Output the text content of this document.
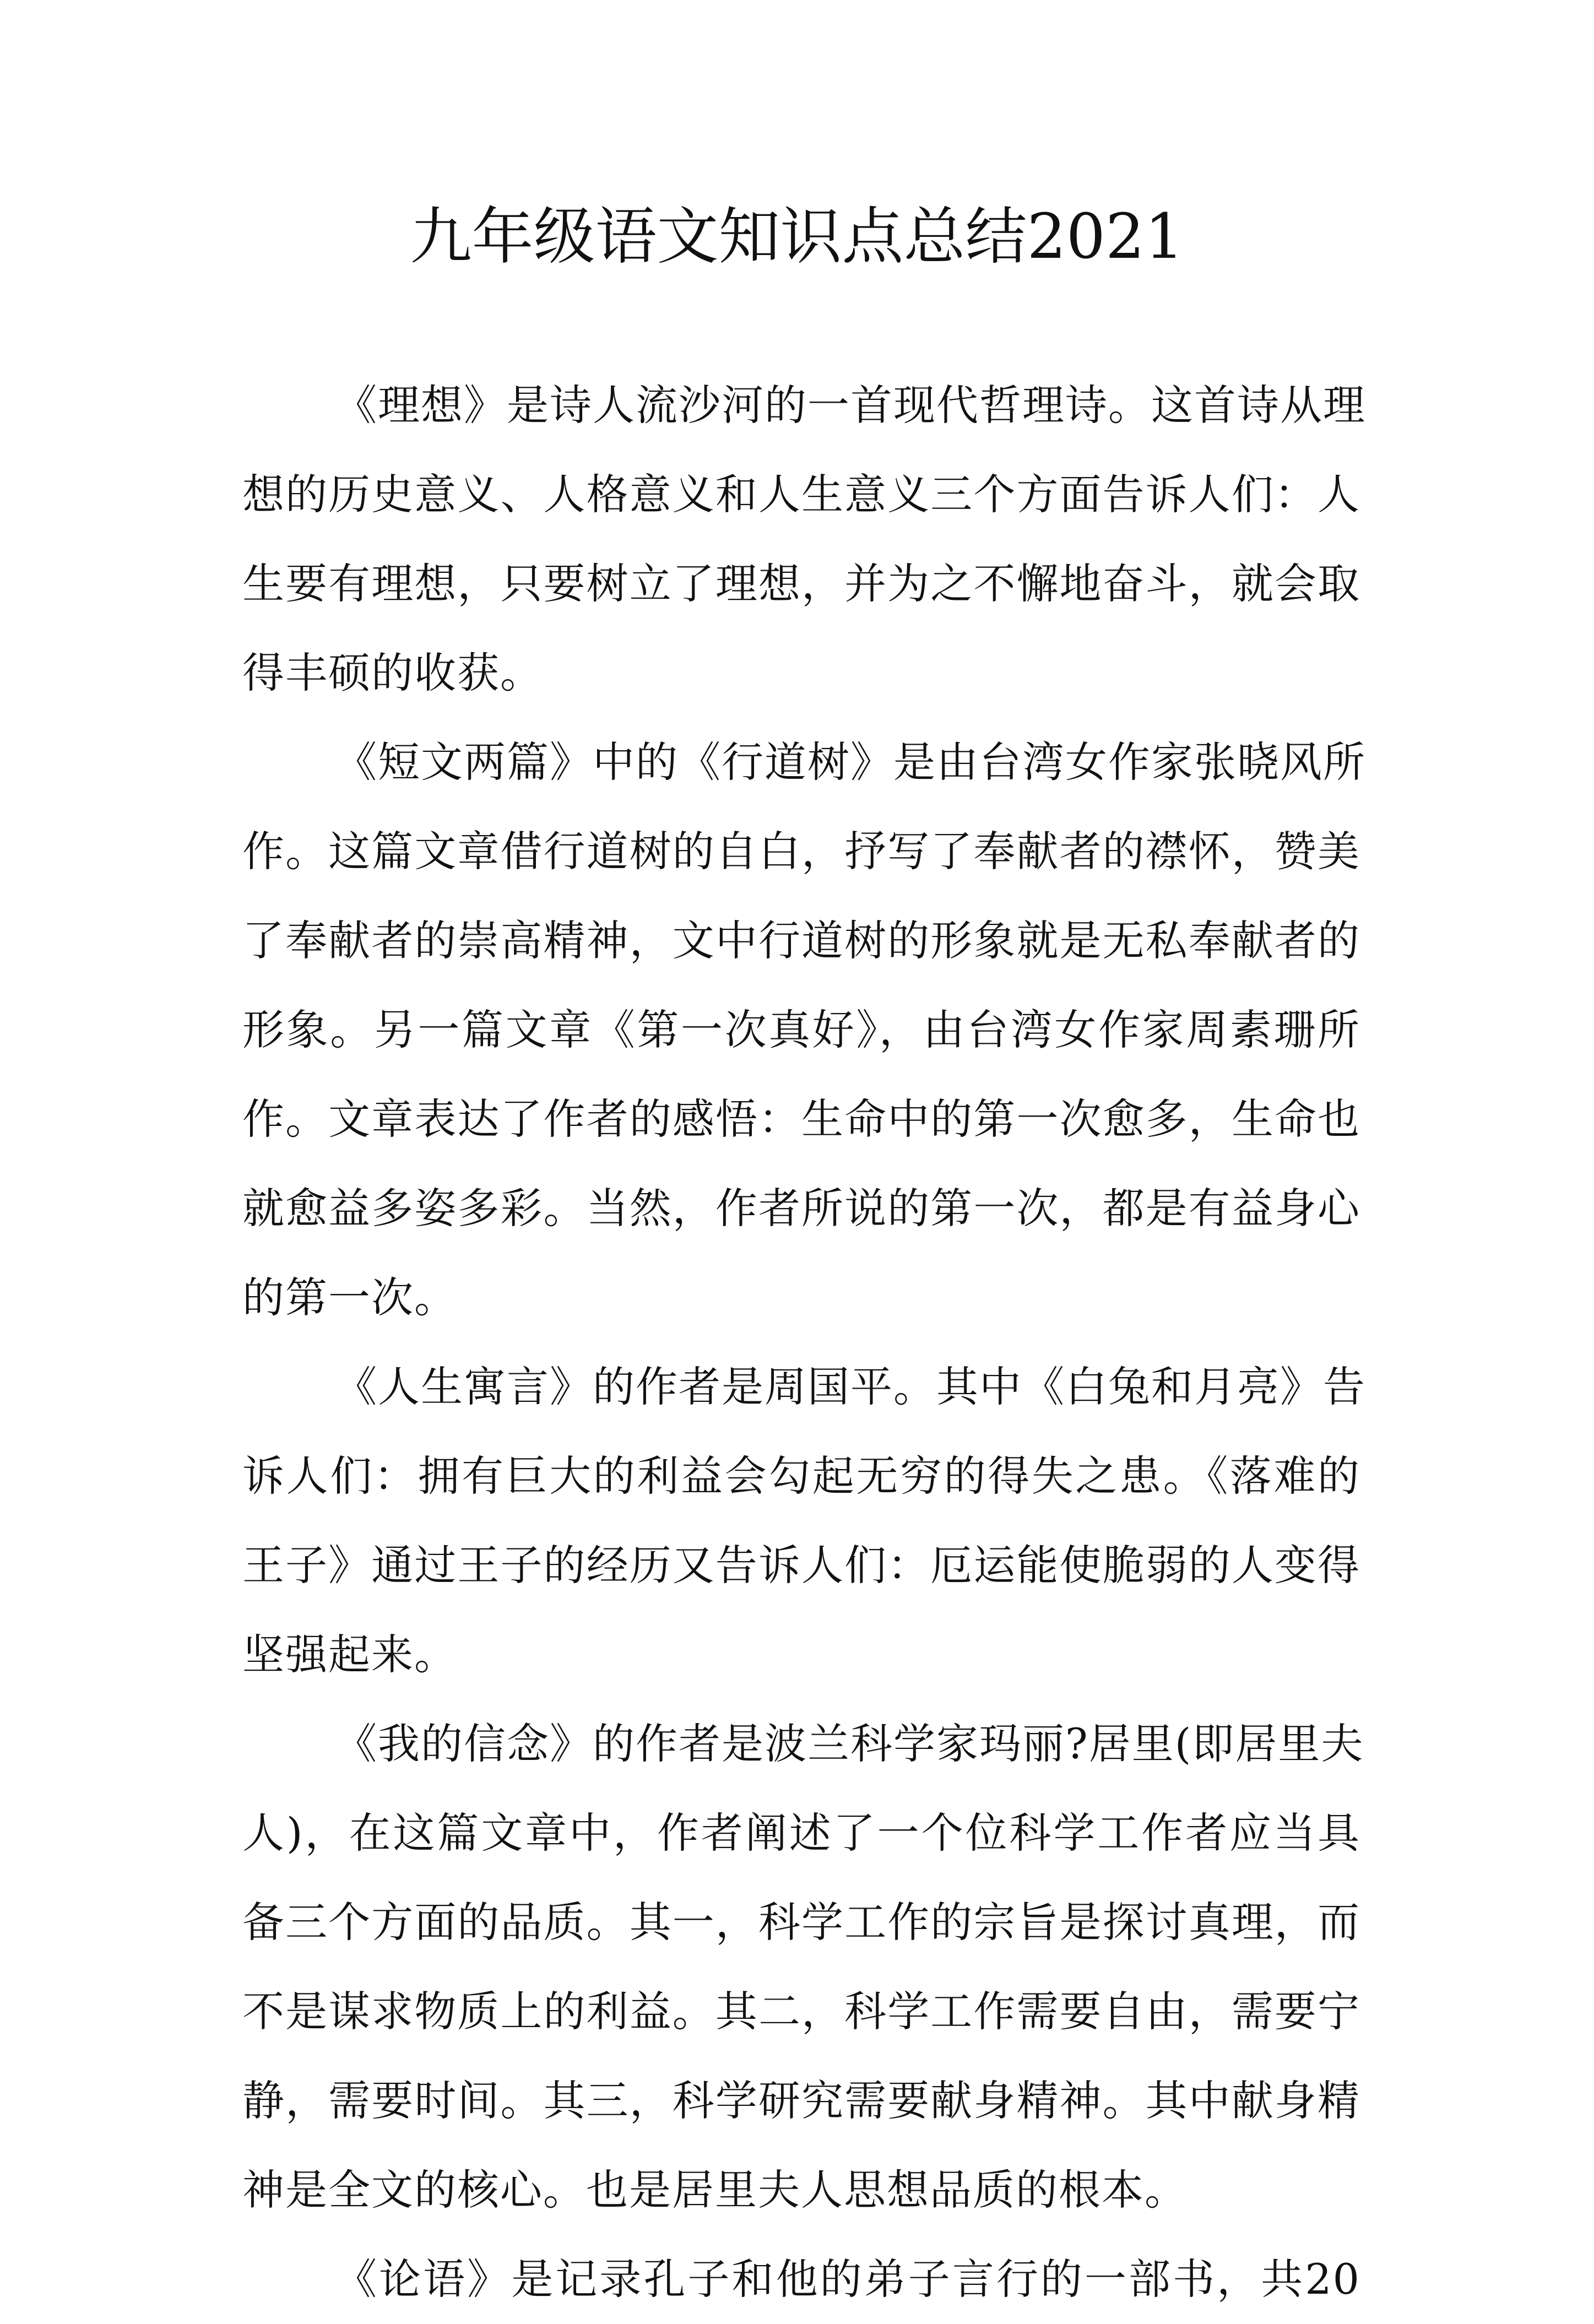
九年级语文知识点总结2021
《理想》是诗人流沙河的一首现代哲理诗。这首诗从理
想的历史意义、人格意义和人生意义三个方面告诉人们：人
生要有理想，只要树立了理想，并为之不懈地奋斗，就会取
得丰硕的收获。
《短文两篇》中的《行道树》是由台湾女作家张晓风所
作。这篇文章借行道树的自白，抒写了奉献者的襟怀，赞美
了奉献者的崇高精神，文中行道树的形象就是无私奉献者的
形象。另一篇文章《第一次真好》，由台湾女作家周素珊所
作。文章表达了作者的感悟：生命中的第一次愈多，生命也
就愈益多姿多彩。当然，作者所说的第一次，都是有益身心
的第一次。
《人生寓言》的作者是周国平。其中《白兔和月亮》告
诉人们：拥有巨大的利益会勾起无穷的得失之患。《落难的
王子》通过王子的经历又告诉人们：厄运能使脆弱的人变得
坚强起来。
《我的信念》的作者是波兰科学家玛丽?居里(即居里夫
人)，在这篇文章中，作者阐述了一个位科学工作者应当具
备三个方面的品质。其一，科学工作的宗旨是探讨真理，而
不是谋求物质上的利益。其二，科学工作需要自由，需要宁
静，需要时间。其三，科学研究需要献身精神。其中献身精
神是全文的核心。也是居里夫人思想品质的根本。
《论语》是记录孔子和他的弟子言行的一部书，共20
